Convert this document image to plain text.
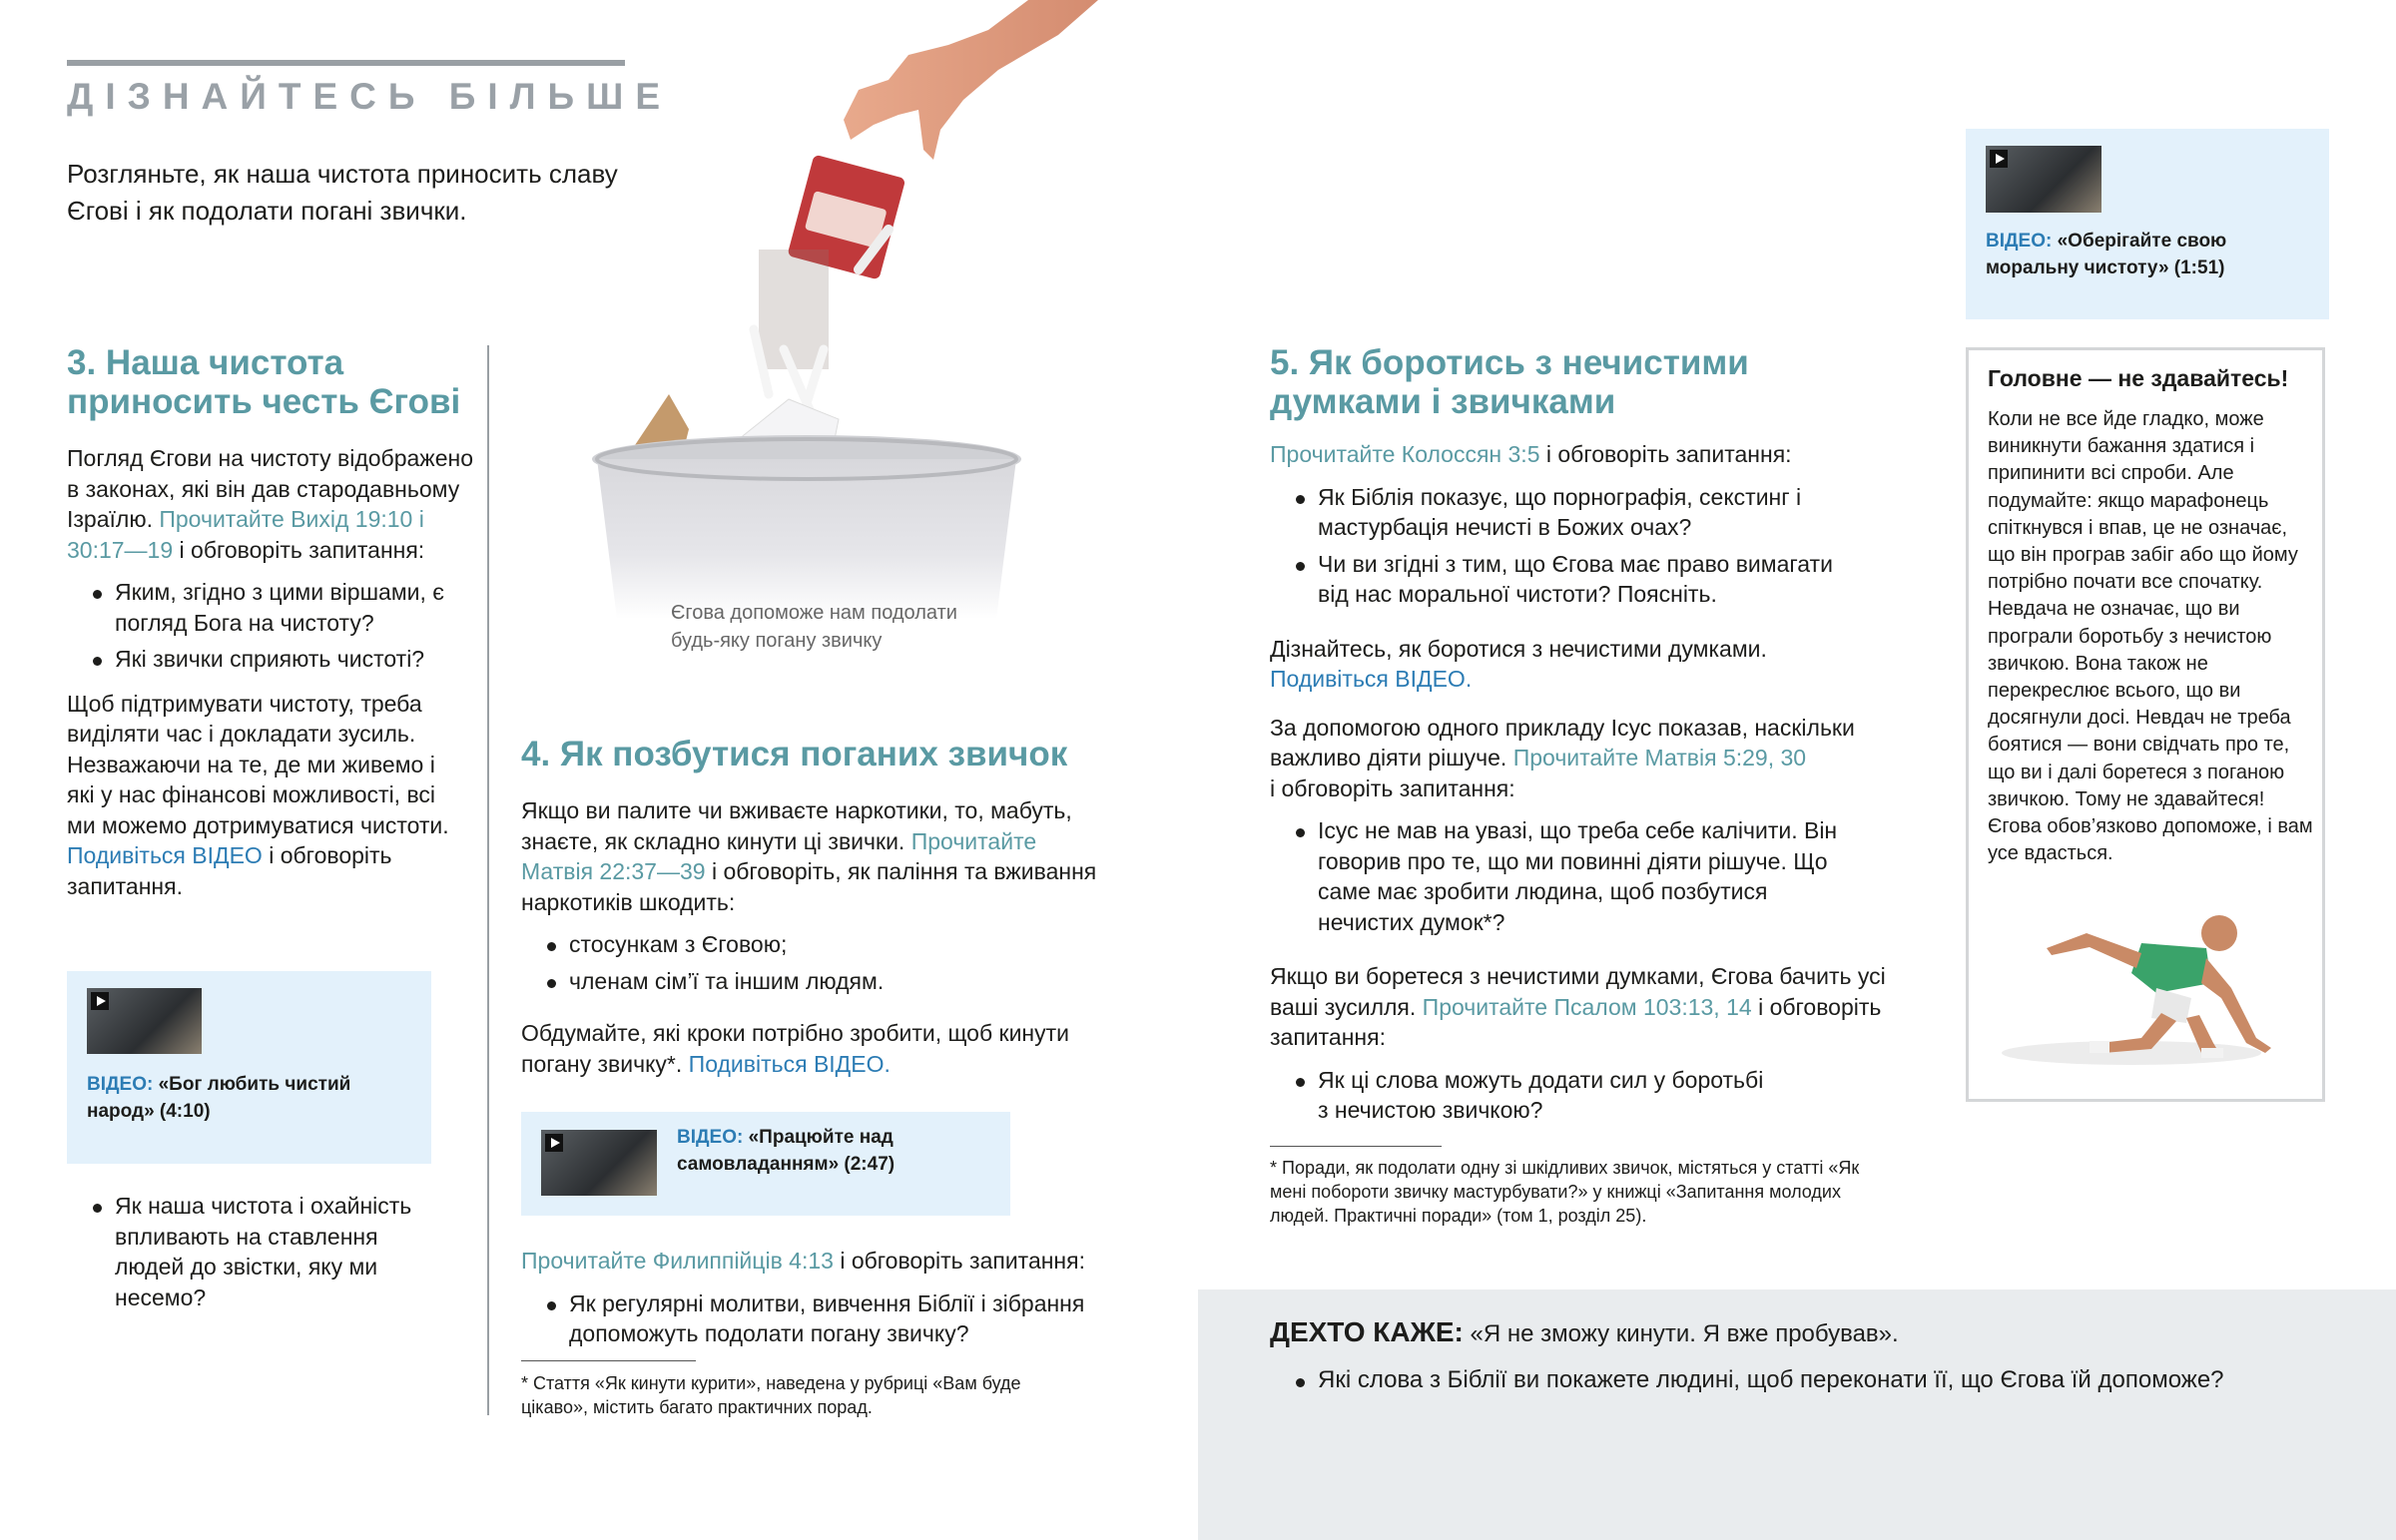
ДІЗНАЙТЕСЬ БІЛЬШЕ
Розгляньте, як наша чистота приносить славу Єгові і як подолати погані звички.
Єгова допоможе нам подолати
будь-яку погану звичку
3. Наша чистота
приносить честь Єгові

Погляд Єгови на чистоту відображено в законах, які він дав стародавньому Ізраїлю. Прочитайте Вихід 19:10 і 30:17—19 і обговоріть запитання:

Яким, згідно з цими віршами, є погляд Бога на чистоту?
Які звички сприяють чистоті?

Щоб підтримувати чистоту, треба виділяти час і докладати зусиль. Незважаючи на те, де ми живемо і які у нас фінансові можливості, всі ми можемо дотримуватися чистоти. Подивіться ВІДЕО і обговоріть запитання.

ВІДЕО: «Бог любить чистий народ» (4:10)
Як наша чистота і охайність впливають на ставлення людей до звістки, яку ми несемо?
4. Як позбутися поганих звичок

Якщо ви палите чи вживаєте наркотики, то, мабуть, знаєте, як складно кинути ці звички. Прочитайте Матвія 22:37—39 і обговоріть, як паління та вживання наркотиків шкодить:

стосункам з Єговою;
членам сім’ї та іншим людям.

Обдумайте, які кроки потрібно зробити, щоб кинути погану звичку*. Подивіться ВІДЕО.

ВІДЕО: «Працюйте над самовладанням» (2:47)

Прочитайте Филиппійців 4:13 і обговоріть запитання:

Як регулярні молитви, вивчення Біблії і зібрання допоможуть подолати погану звичку?
* Стаття «Як кинути курити», наведена у рубриці «Вам буде цікаво», містить багато практичних порад.
5. Як боротись з нечистими
думками і звичками

Прочитайте Колоссян 3:5 і обговоріть запитання:

Як Біблія показує, що порнографія, секстинг і мастурбація нечисті в Божих очах?
Чи ви згідні з тим, що Єгова має право вимагати від нас моральної чистоти? Поясніть.

Дізнайтесь, як боротися з нечистими думками.
Подивіться ВІДЕО.

За допомогою одного прикладу Ісус показав, наскільки важливо діяти рішуче. Прочитайте Матвія 5:29, 30
і обговоріть запитання:

Ісус не мав на увазі, що треба себе калічити. Він говорив про те, що ми повинні діяти рішуче. Що саме має зробити людина, щоб позбутися нечистих думок*?

Якщо ви боретеся з нечистими думками, Єгова бачить усі ваші зусилля. Прочитайте Псалом 103:13, 14 і обговоріть запитання:

Як ці слова можуть додати сил у боротьбі з нечистою звичкою?
* Поради, як подолати одну зі шкідливих звичок, містяться у статті «Як мені побороти звичку мастурбувати?» у книжці «Запитання молодих людей. Практичні поради» (том 1, розділ 25).
ВІДЕО: «Оберігайте свою моральну чистоту» (1:51)
Головне — не здавайтесь!
Коли не все йде гладко, може виникнути бажання здатися і припинити всі спроби. Але подумайте: якщо марафонець спіткнувся і впав, це не означає, що він програв забіг або що йому потрібно почати все спочатку. Невдача не означає, що ви програли боротьбу з нечистою звичкою. Вона також не перекреслює всього, що ви досягнули досі. Невдач не треба боятися — вони свідчать про те, що ви і далі боретеся з поганою звичкою. Тому не здавайтеся! Єгова обов’язково допоможе, і вам усе вдасться.
ДЕХТО КАЖЕ: «Я не зможу кинути. Я вже пробував».
Які слова з Біблії ви покажете людині, щоб переконати її, що Єгова їй допоможе?
